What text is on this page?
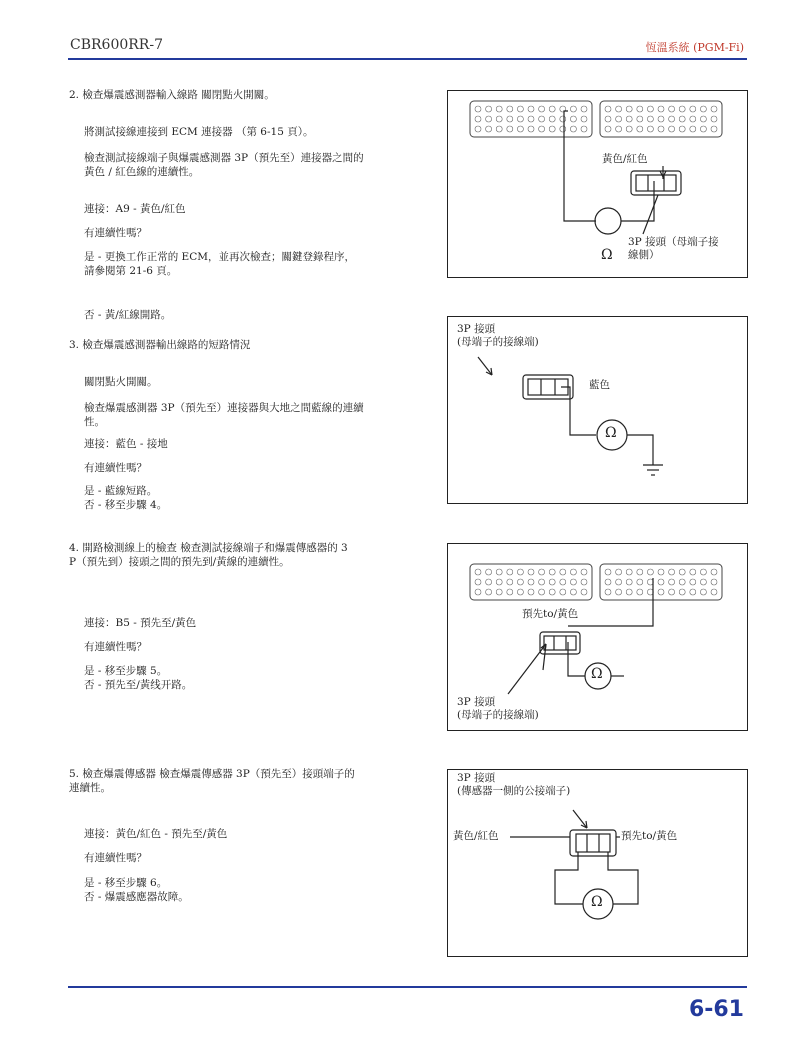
CBR600RR-7	恆溫系統 (PGM-Fi)
2. 檢查爆震感測器輸入線路 關閉點火開關。
將測試接線連接到 ECM 連接器 （第 6-15 頁）。
檢查測試接線端子與爆震感測器 3P（預先至）連接器之間的
黃色 / 紅色線的連續性。
連接：A9 - 黃色/紅色
有連續性嗎？
是 - 更換工作正常的 ECM，並再次檢查；關鍵登錄程序，
請參閱第 21-6 頁。
否 - 黃/紅線開路。
3. 檢查爆震感測器輸出線路的短路情況
關閉點火開關。
檢查爆震感測器 3P（預先至）連接器與大地之間藍線的連續
性。
連接：藍色 - 接地
有連續性嗎？
是 - 藍線短路。
否 - 移至步驟 4。
4. 開路檢測線上的檢查 檢查測試接線端子和爆震傳感器的 3
P（預先到）接頭之間的預先到/黃線的連續性。
連接：B5 - 預先至/黃色
有連續性嗎？
是 - 移至步驟 5。
否 - 預先至/黃线开路。
5. 檢查爆震傳感器 檢查爆震傳感器 3P（預先至）接頭端子的
連續性。
連接：黃色/紅色 - 預先至/黃色
有連續性嗎？
是 - 移至步驟 6。
否 - 爆震感應器故障。
Ω
黃色/紅色
3P 接頭（母端子接
線側）
Ω
3P 接頭
(母端子的接線端)
藍色
Ω
預先to/黃色
3P 接頭
(母端子的接線端)
Ω
3P 接頭
(傳感器一側的公接端子)
黃色/紅色	預先to/黃色
6-61
